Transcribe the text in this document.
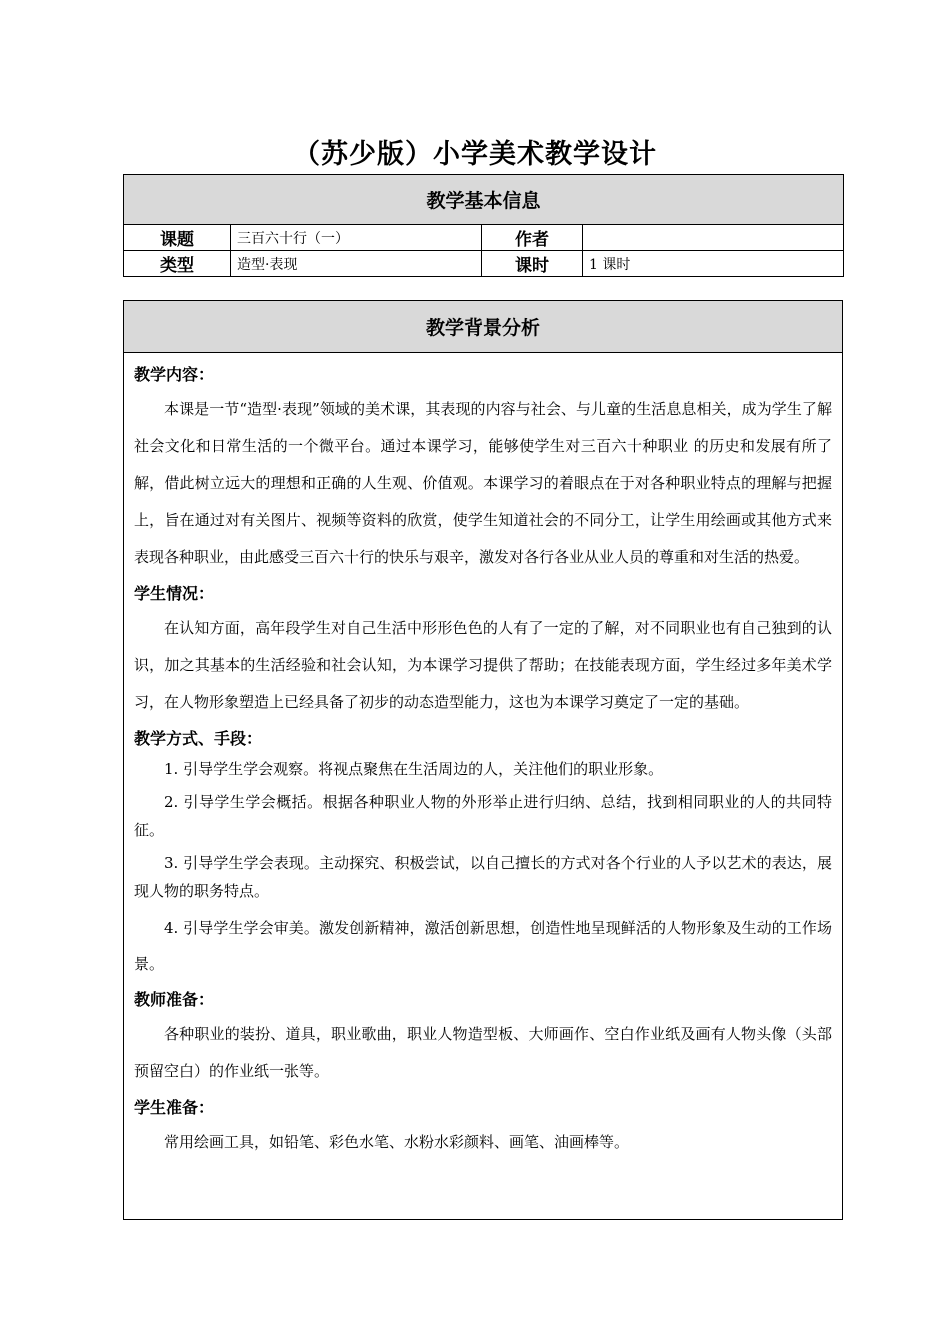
（苏少版）小学美术教学设计
教学基本信息			
课题	三百六十行（一）	作者	
类型	造型·表现	课时	1 课时
教学背景分析
教学内容：

本课是一节“造型·表现”领域的美术课，其表现的内容与社会、与儿童的生活息息相关，成为学生了解社会文化和日常生活的一个微平台。通过本课学习，能够使学生对三百六十种职业 的历史和发展有所了解，借此树立远大的理想和正确的人生观、价值观。本课学习的着眼点在于对各种职业特点的理解与把握上，旨在通过对有关图片、视频等资料的欣赏，使学生知道社会的不同分工，让学生用绘画或其他方式来表现各种职业，由此感受三百六十行的快乐与艰辛，激发对各行各业从业人员的尊重和对生活的热爱。

学生情况：

在认知方面，高年段学生对自己生活中形形色色的人有了一定的了解，对不同职业也有自己独到的认识，加之其基本的生活经验和社会认知，为本课学习提供了帮助；在技能表现方面，学生经过多年美术学习，在人物形象塑造上已经具备了初步的动态造型能力，这也为本课学习奠定了一定的基础。

教学方式、手段：

1. 引导学生学会观察。将视点聚焦在生活周边的人，关注他们的职业形象。

2. 引导学生学会概括。根据各种职业人物的外形举止进行归纳、总结，找到相同职业的人的共同特征。

3. 引导学生学会表现。主动探究、积极尝试，以自己擅长的方式对各个行业的人予以艺术的表达，展现人物的职务特点。

4. 引导学生学会审美。激发创新精神，激活创新思想，创造性地呈现鲜活的人物形象及生动的工作场景。

教师准备：

各种职业的装扮、道具，职业歌曲，职业人物造型板、大师画作、空白作业纸及画有人物头像（头部预留空白）的作业纸一张等。

学生准备：

常用绘画工具，如铅笔、彩色水笔、水粉水彩颜料、画笔、油画棒等。
